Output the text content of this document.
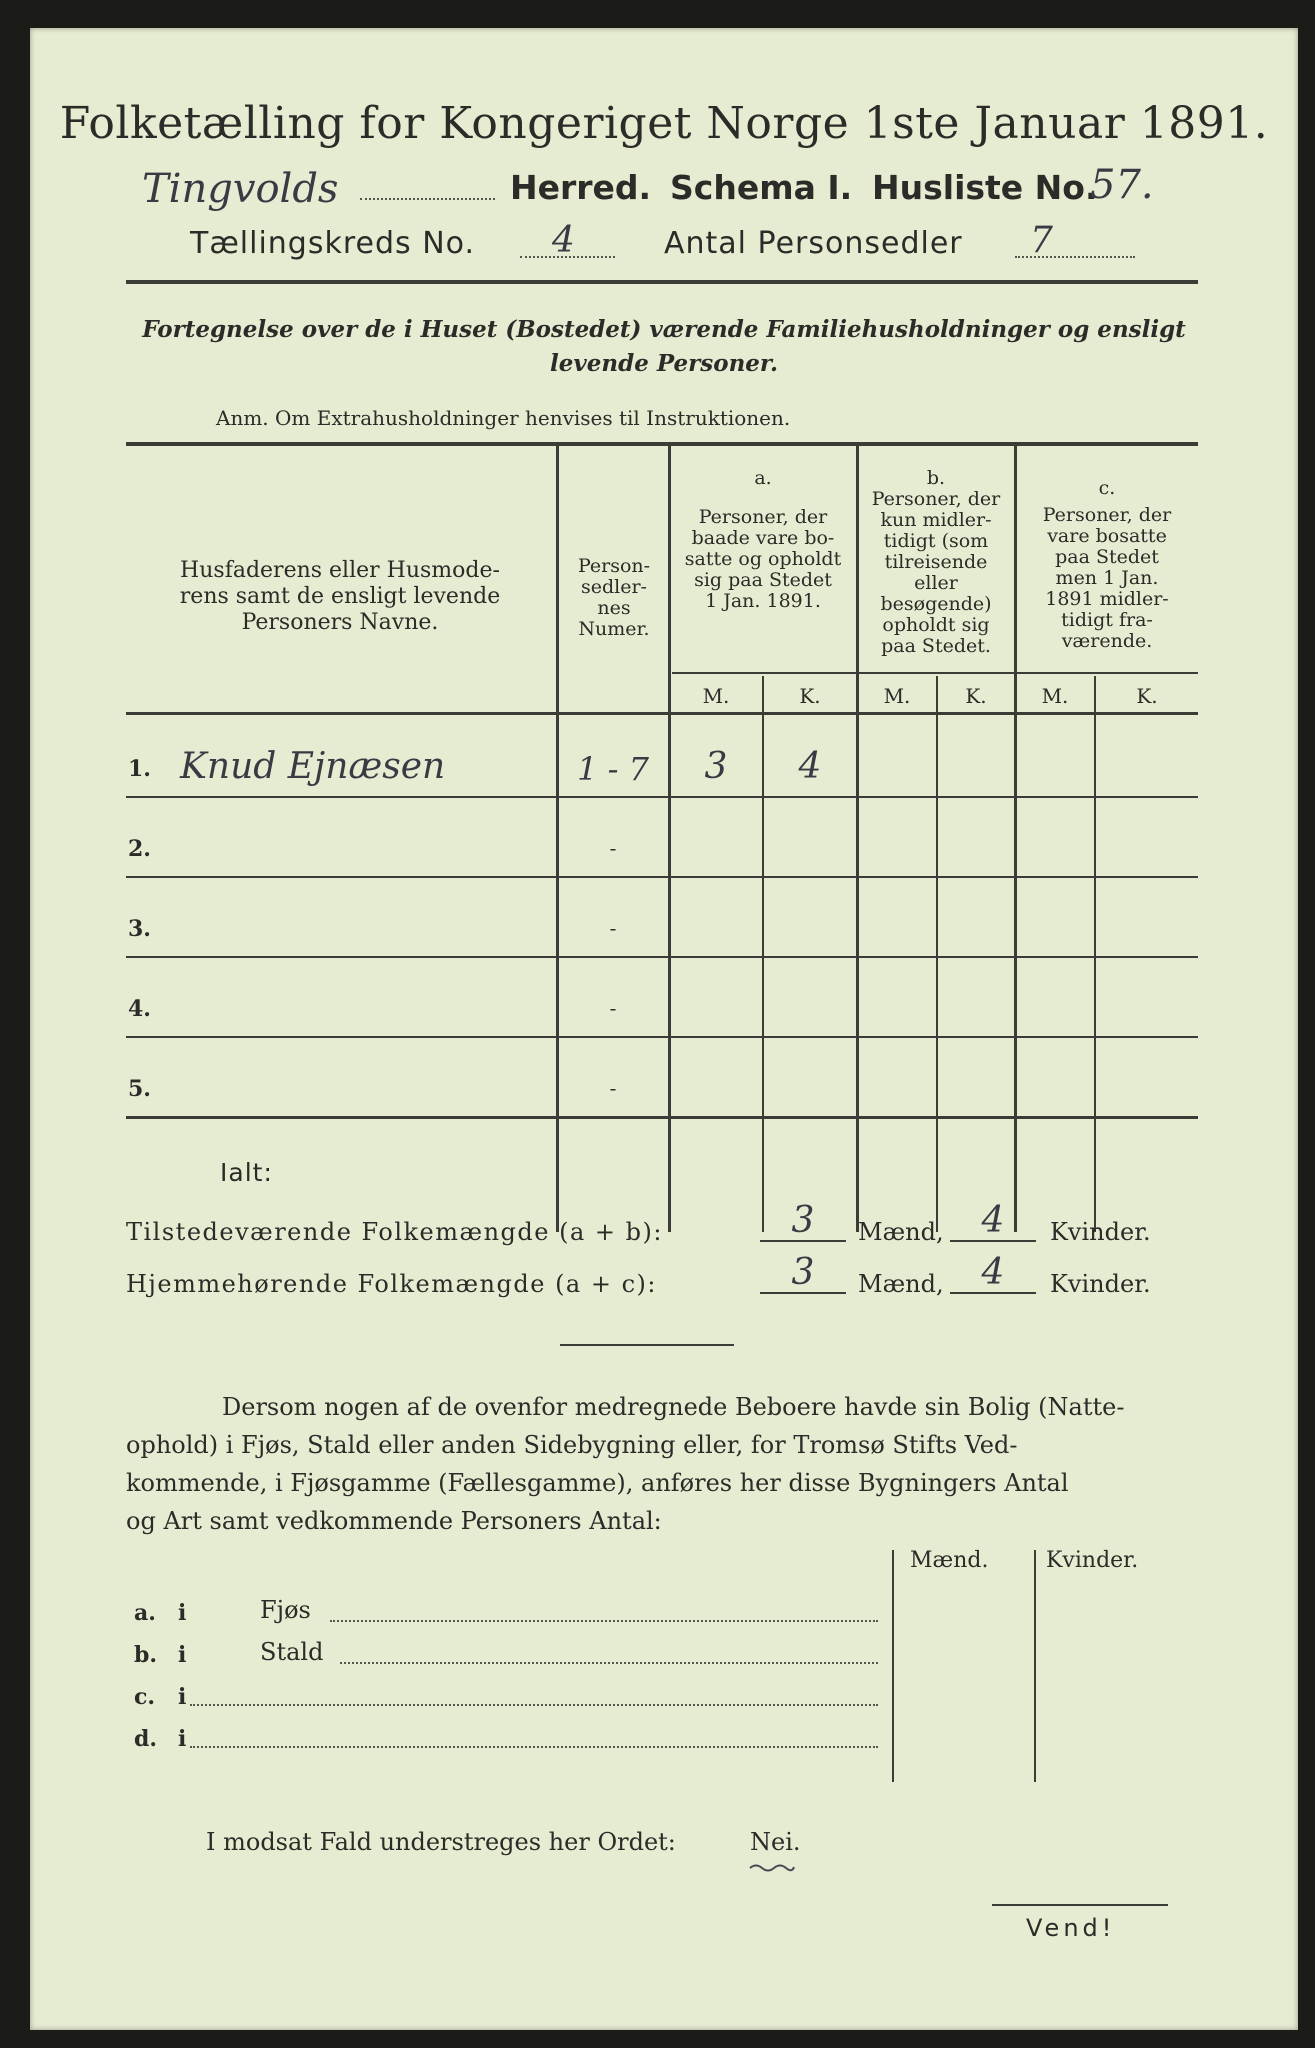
Folketælling for Kongeriget Norge 1ste Januar 1891.
Tingvolds	Herred. Schema I. Husliste No.
57.
Tællingskreds No. 4	Antal Personsedler 7
Fortegnelse over de i Huset (Bostedet) værende Familiehusholdninger og ensligt
levende Personer.
Anm. Om Extrahusholdninger henvises til Instruktionen.
Husfaderens eller Husmode-
rens samt de ensligt levende
Personers Navne.
Person-
sedler-
nes
Numer.
a.
Personer, der
baade vare bo-
satte og opholdt
sig paa Stedet
1 Jan. 1891.
b.
Personer, der
kun midler-
tidigt (som
tilreisende
eller
besøgende)
opholdt sig
paa Stedet.
c.
Personer, der
vare bosatte
paa Stedet
men 1 Jan.
1891 midler-
tidigt fra-
værende.
M.	K.	M.	K.	M.	K.
1. Knud Ejnæsen	1 - 7	3	4
2.	-
3.	-
4.	-
5.	-
Ialt:
Tilstedeværende Folkemængde (a + b):	3	Mænd,	4	Kvinder.
Hjemmehørende Folkemængde (a + c):	3	Mænd,	4	Kvinder.
Dersom nogen af de ovenfor medregnede Beboere havde sin Bolig (Natte-
ophold) i Fjøs, Stald eller anden Sidebygning eller, for Tromsø Stifts Ved-
kommende, i Fjøsgamme (Fællesgamme), anføres her disse Bygningers Antal
og Art samt vedkommende Personers Antal:
Mænd.	Kvinder.
a. i	Fjøs
b. i	Stald
c. i
d. i
I modsat Fald understreges her Ordet:	Nei.
Vend!
